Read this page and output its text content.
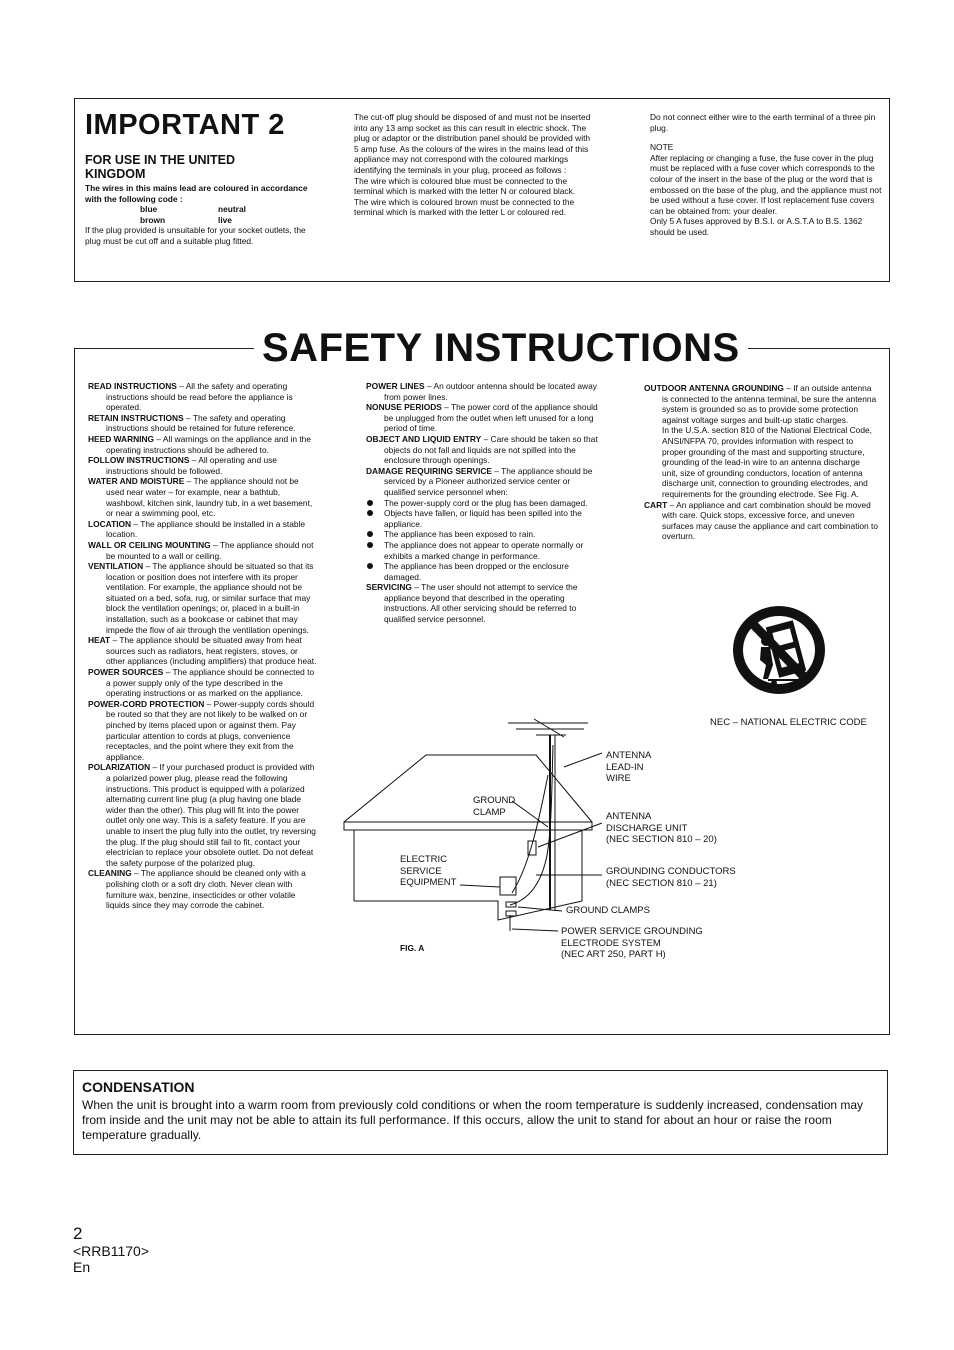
IMPORTANT 2
FOR USE IN THE UNITED
KINGDOM
The wires in this mains lead are coloured in accordance with the following code :
blue	neutral
brown	live
If the plug provided is unsuitable for your socket outlets, the plug must be cut off and a suitable plug fitted.

The cut-off plug should be disposed of and must not be inserted into any 13 amp socket as this can result in electric shock. The plug or adaptor or the distribution panel should be provided with 5 amp fuse. As the colours of the wires in the mains lead of this appliance may not correspond with the coloured markings identifying the terminals in your plug, proceed as follows :

The wire which is coloured blue must be connected to the terminal which is marked with the letter N or coloured black.

The wire which is coloured brown must be connected to the terminal which is marked with the letter L or coloured red.

Do not connect either wire to the earth terminal of a three pin plug.

NOTE

After replacing or changing a fuse, the fuse cover in the plug must be replaced with a fuse cover which corresponds to the colour of the insert in the base of the plug or the word that is embossed on the base of the plug, and the appliance must not be used without a fuse cover. If lost replacement fuse covers can be obtained from: your dealer.

Only 5 A fuses approved by B.S.I. or A.S.T.A to B.S. 1362 should be used.

SAFETY INSTRUCTIONS

READ INSTRUCTIONS – All the safety and operating instructions should be read before the appliance is operated.

RETAIN INSTRUCTIONS – The safety and operating instructions should be retained for future reference.

HEED WARNING – All warnings on the appliance and in the operating instructions should be adhered to.

FOLLOW INSTRUCTIONS – All operating and use instructions should be followed.

WATER AND MOISTURE – The appliance should not be used near water – for example, near a bathtub, washbowl, kitchen sink, laundry tub, in a wet basement, or near a swimming pool, etc.

LOCATION – The appliance should be installed in a stable location.

WALL OR CEILING MOUNTING – The appliance should not be mounted to a wall or ceiling.

VENTILATION – The appliance should be situated so that its location or position does not interfere with its proper ventilation. For example, the appliance should not be situated on a bed, sofa, rug, or similar surface that may block the ventilation openings; or, placed in a built-in installation, such as a bookcase or cabinet that may impede the flow of air through the ventilation openings.

HEAT – The appliance should be situated away from heat sources such as radiators, heat registers, stoves, or other appliances (including amplifiers) that produce heat.

POWER SOURCES – The appliance should be connected to a power supply only of the type described in the operating instructions or as marked on the appliance.

POWER-CORD PROTECTION – Power-supply cords should be routed so that they are not likely to be walked on or pinched by items placed upon or against them. Pay particular attention to cords at plugs, convenience receptacles, and the point where they exit from the appliance.

POLARIZATION – If your purchased product is provided with a polarized power plug, please read the following instructions. This product is equipped with a polarized alternating current line plug (a plug having one blade wider than the other). This plug will fit into the power outlet only one way. This is a safety feature. If you are unable to insert the plug fully into the outlet, try reversing the plug. If the plug should still fail to fit, contact your electrician to replace your obsolete outlet. Do not defeat the safety purpose of the polarized plug.

CLEANING – The appliance should be cleaned only with a polishing cloth or a soft dry cloth. Never clean with furniture wax, benzine, insecticides or other volatile liquids since they may corrode the cabinet.

POWER LINES – An outdoor antenna should be located away from power lines.

NONUSE PERIODS – The power cord of the appliance should be unplugged from the outlet when left unused for a long period of time.

OBJECT AND LIQUID ENTRY – Care should be taken so that objects do not fall and liquids are not spilled into the enclosure through openings.

DAMAGE REQUIRING SERVICE – The appliance should be serviced by a Pioneer authorized service center or qualified service personnel when:

The power-supply cord or the plug has been damaged.

Objects have fallen, or liquid has been spilled into the appliance.

The appliance has been exposed to rain.

The appliance does not appear to operate normally or exhibits a marked change in performance.

The appliance has been dropped or the enclosure damaged.

SERVICING – The user should not attempt to service the appliance beyond that described in the operating instructions. All other servicing should be referred to qualified service personnel.

OUTDOOR ANTENNA GROUNDING – If an outside antenna is connected to the antenna terminal, be sure the antenna system is grounded so as to provide some protection against voltage surges and built-up static charges.

In the U.S.A. section 810 of the National Electrical Code, ANSI/NFPA 70, provides information with respect to proper grounding of the mast and supporting structure, grounding of the lead-in wire to an antenna discharge unit, size of grounding conductors, location of antenna discharge unit, connection to grounding electrodes, and requirements for the grounding electrode. See Fig. A.

CART – An appliance and cart combination should be moved with care. Quick stops, excessive force, and uneven surfaces may cause the appliance and cart combination to overturn.

NEC – NATIONAL ELECTRIC CODE
ANTENNA
LEAD-IN
WIRE
GROUND
CLAMP	ANTENNA
DISCHARGE UNIT
(NEC SECTION 810 – 20)
ELECTRIC
SERVICE
EQUIPMENT
GROUNDING CONDUCTORS
(NEC SECTION 810 – 21)
GROUND CLAMPS
POWER SERVICE GROUNDING
ELECTRODE SYSTEM
(NEC ART 250, PART H)
FIG. A
CONDENSATION
When the unit is brought into a warm room from previously cold conditions or when the room temperature is suddenly increased, condensation may from inside and the unit may not be able to attain its full performance. If this occurs, allow the unit to stand for about an hour or raise the room temperature gradually.
2
<RRB1170>
En
